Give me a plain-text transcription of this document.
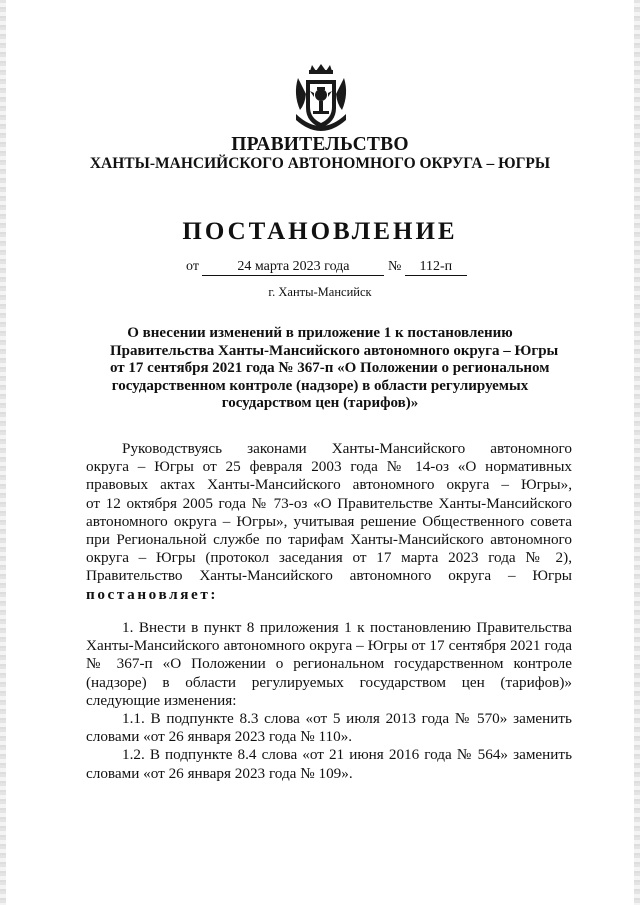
ПРАВИТЕЛЬСТВО
ХАНТЫ-МАНСИЙСКОГО АВТОНОМНОГО ОКРУГА – ЮГРЫ
ПОСТАНОВЛЕНИЕ
от	24 марта 2023 года	№ 112-п
г. Ханты-Мансийск
О внесении изменений в приложение 1 к постановлению
Правительства Ханты-Мансийского автономного округа – Югры
от 17 сентября 2021 года № 367-п «О Положении о региональном
государственном контроле (надзоре) в области регулируемых
государством цен (тарифов)»
Руководствуясь законами Ханты-Мансийского автономного
округа – Югры от 25 февраля 2003 года № 14-оз «О нормативных
правовых актах Ханты-Мансийского автономного округа – Югры»,
от 12 октября 2005 года № 73-оз «О Правительстве Ханты-Мансийского
автономного округа – Югры», учитывая решение Общественного совета
при Региональной службе по тарифам Ханты-Мансийского автономного
округа – Югры (протокол заседания от 17 марта 2023 года № 2),
Правительство Ханты-Мансийского автономного округа – Югры
постановляет:
1. Внести в пункт 8 приложения 1 к постановлению Правительства
Ханты-Мансийского автономного округа – Югры от 17 сентября 2021 года
№ 367-п «О Положении о региональном государственном контроле
(надзоре) в области регулируемых государством цен (тарифов)»
следующие изменения:
1.1. В подпункте 8.3 слова «от 5 июля 2013 года № 570» заменить
словами «от 26 января 2023 года № 110».
1.2. В подпункте 8.4 слова «от 21 июня 2016 года № 564» заменить
словами «от 26 января 2023 года № 109».
